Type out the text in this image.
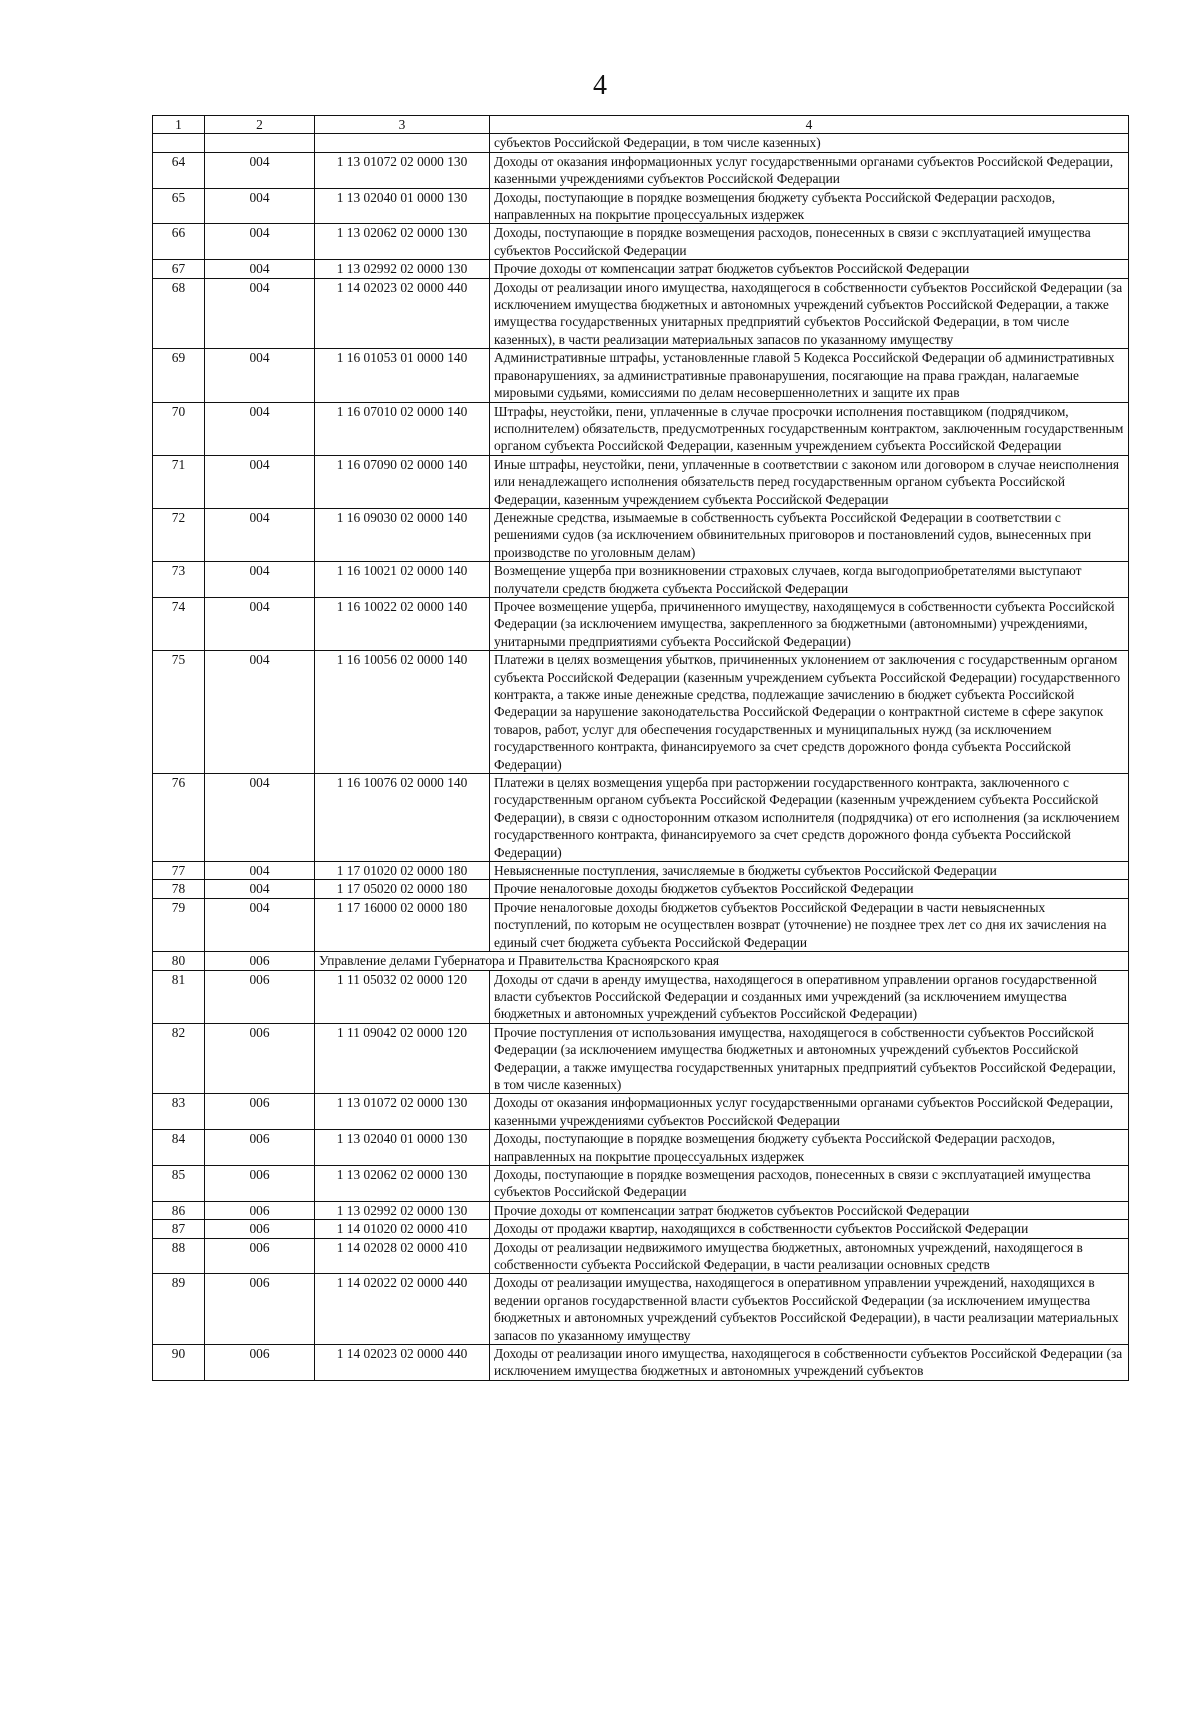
4
1	2	3	4
			субъектов Российской Федерации, в том числе казенных)
64	004	1 13 01072 02 0000 130	Доходы от оказания информационных услуг государственными органами субъектов Российской Федерации, казенными учреждениями субъектов Российской Федерации
65	004	1 13 02040 01 0000 130	Доходы, поступающие в порядке возмещения бюджету субъекта Российской Федерации расходов, направленных на покрытие процессуальных издержек
66	004	1 13 02062 02 0000 130	Доходы, поступающие в порядке возмещения расходов, понесенных в связи с эксплуатацией имущества субъектов Российской Федерации
67	004	1 13 02992 02 0000 130	Прочие доходы от компенсации затрат бюджетов субъектов Российской Федерации
68	004	1 14 02023 02 0000 440	Доходы от реализации иного имущества, находящегося в собственности субъектов Российской Федерации (за исключением имущества бюджетных и автономных учреждений субъектов Российской Федерации, а также имущества государственных унитарных предприятий субъектов Российской Федерации, в том числе казенных), в части реализации материальных запасов по указанному имуществу
69	004	1 16 01053 01 0000 140	Административные штрафы, установленные главой 5 Кодекса Российской Федерации об административных правонарушениях, за административные правонарушения, посягающие на права граждан, налагаемые мировыми судьями, комиссиями по делам несовершеннолетних и защите их прав
70	004	1 16 07010 02 0000 140	Штрафы, неустойки, пени, уплаченные в случае просрочки исполнения поставщиком (подрядчиком, исполнителем) обязательств, предусмотренных государственным контрактом, заключенным государственным органом субъекта Российской Федерации, казенным учреждением субъекта Российской Федерации
71	004	1 16 07090 02 0000 140	Иные штрафы, неустойки, пени, уплаченные в соответствии с законом или договором в случае неисполнения или ненадлежащего исполнения обязательств перед государственным органом субъекта Российской Федерации, казенным учреждением субъекта Российской Федерации
72	004	1 16 09030 02 0000 140	Денежные средства, изымаемые в собственность субъекта Российской Федерации в соответствии с решениями судов (за исключением обвинительных приговоров и постановлений судов, вынесенных при производстве по уголовным делам)
73	004	1 16 10021 02 0000 140	Возмещение ущерба при возникновении страховых случаев, когда выгодоприобретателями выступают получатели средств бюджета субъекта Российской Федерации
74	004	1 16 10022 02 0000 140	Прочее возмещение ущерба, причиненного имуществу, находящемуся в собственности субъекта Российской Федерации (за исключением имущества, закрепленного за бюджетными (автономными) учреждениями, унитарными предприятиями субъекта Российской Федерации)
75	004	1 16 10056 02 0000 140	Платежи в целях возмещения убытков, причиненных уклонением от заключения с государственным органом субъекта Российской Федерации (казенным учреждением субъекта Российской Федерации) государственного контракта, а также иные денежные средства, подлежащие зачислению в бюджет субъекта Российской Федерации за нарушение законодательства Российской Федерации о контрактной системе в сфере закупок товаров, работ, услуг для обеспечения государственных и муниципальных нужд (за исключением государственного контракта, финансируемого за счет средств дорожного фонда субъекта Российской Федерации)
76	004	1 16 10076 02 0000 140	Платежи в целях возмещения ущерба при расторжении государственного контракта, заключенного с государственным органом субъекта Российской Федерации (казенным учреждением субъекта Российской Федерации), в связи с односторонним отказом исполнителя (подрядчика) от его исполнения (за исключением государственного контракта, финансируемого за счет средств дорожного фонда субъекта Российской Федерации)
77	004	1 17 01020 02 0000 180	Невыясненные поступления, зачисляемые в бюджеты субъектов Российской Федерации
78	004	1 17 05020 02 0000 180	Прочие неналоговые доходы бюджетов субъектов Российской Федерации
79	004	1 17 16000 02 0000 180	Прочие неналоговые доходы бюджетов субъектов Российской Федерации в части невыясненных поступлений, по которым не осуществлен возврат (уточнение) не позднее трех лет со дня их зачисления на единый счет бюджета субъекта Российской Федерации
80	006	Управление делами Губернатора и Правительства Красноярского края	
81	006	1 11 05032 02 0000 120	Доходы от сдачи в аренду имущества, находящегося в оперативном управлении органов государственной власти субъектов Российской Федерации и созданных ими учреждений (за исключением имущества бюджетных и автономных учреждений субъектов Российской Федерации)
82	006	1 11 09042 02 0000 120	Прочие поступления от использования имущества, находящегося в собственности субъектов Российской Федерации (за исключением имущества бюджетных и автономных учреждений субъектов Российской Федерации, а также имущества государственных унитарных предприятий субъектов Российской Федерации, в том числе казенных)
83	006	1 13 01072 02 0000 130	Доходы от оказания информационных услуг государственными органами субъектов Российской Федерации, казенными учреждениями субъектов Российской Федерации
84	006	1 13 02040 01 0000 130	Доходы, поступающие в порядке возмещения бюджету субъекта Российской Федерации расходов, направленных на покрытие процессуальных издержек
85	006	1 13 02062 02 0000 130	Доходы, поступающие в порядке возмещения расходов, понесенных в связи с эксплуатацией имущества субъектов Российской Федерации
86	006	1 13 02992 02 0000 130	Прочие доходы от компенсации затрат бюджетов субъектов Российской Федерации
87	006	1 14 01020 02 0000 410	Доходы от продажи квартир, находящихся в собственности субъектов Российской Федерации
88	006	1 14 02028 02 0000 410	Доходы от реализации недвижимого имущества бюджетных, автономных учреждений, находящегося в собственности субъекта Российской Федерации, в части реализации основных средств
89	006	1 14 02022 02 0000 440	Доходы от реализации имущества, находящегося в оперативном управлении учреждений, находящихся в ведении органов государственной власти субъектов Российской Федерации (за исключением имущества бюджетных и автономных учреждений субъектов Российской Федерации), в части реализации материальных запасов по указанному имуществу
90	006	1 14 02023 02 0000 440	Доходы от реализации иного имущества, находящегося в собственности субъектов Российской Федерации (за исключением имущества бюджетных и автономных учреждений субъектов
